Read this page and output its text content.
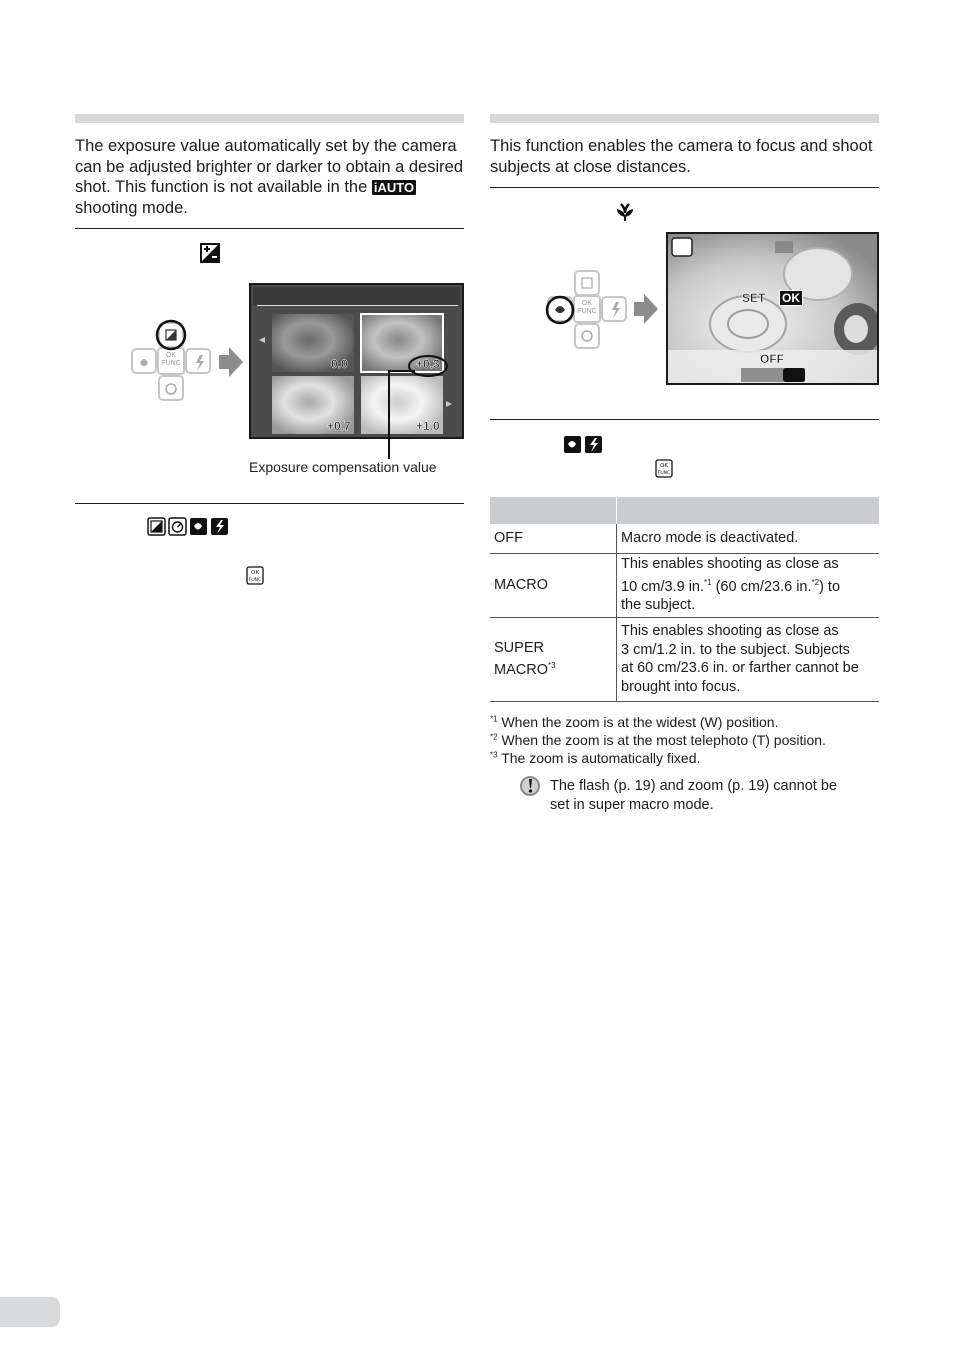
The exposure value automatically set by the camera can be adjusted brighter or darker to obtain a desired shot. This function is not available in the iAUTOshooting mode.
OK
FUNC	0.0	+0.3
+0.7	+1.0
Exposure compensation value
OK
FUNC
This function enables the camera to focus and shoot subjects at close distances.
OK
FUNC
SET OK
OFF
OK
FUNC

OFF	Macro mode is deactivated.
MACRO	This enables shooting as close as
10 cm/3.9 in.$^{*1}$ (60 cm/23.6 in.$^{*2}$) to
the subject.
SUPER
MACRO$^{*3}$	This enables shooting as close as
3 cm/1.2 in. to the subject. Subjects
at 60 cm/23.6 in. or farther cannot be
brought into focus.
$^{*1}$ When the zoom is at the widest (W) position.
$^{*2}$ When the zoom is at the most telephoto (T) position.
$^{*3}$ The zoom is automatically fixed.
The flash (p. 19) and zoom (p. 19) cannot be
set in super macro mode.
